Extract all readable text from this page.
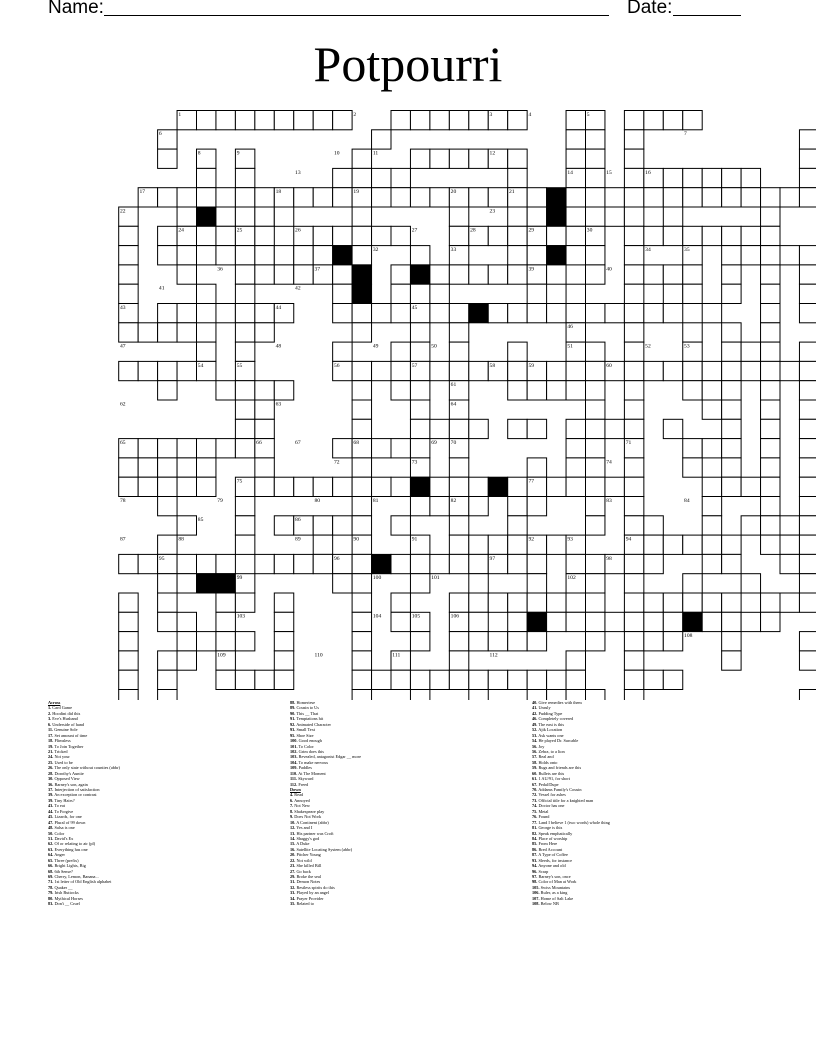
Name:	Date:
Potpourri
1	2	3	4	5
6	7
8	9	10	11	12
13	14	15	16
17	18	19	20	21
22	23
24	25	26	27	28	29	30
31	32	33	34	35
36	37	38	39	40
41	42
43	44	45
46
47	48	49	50	51	52	53
54	55	56	57	58	59	60
61
62	63	64
65	66	67	68	69 70	71
72	73	74
75	76	77
78	79	80	81	82	83	84
85	86
87	88	89	90	91	92	93	94
95	96	97	98
99	100	101	102
103	104	105	106	107
108
109	110	111	112
Across
1. Card Game
2. Hoodini did this
3. Eve's Husband
6. Underside of hand
11. Genuine Sole
17. Set amount of time
18. Flimsless
19. To Join Together
21. Tricked
24. Not your
25. Used to be
26. The only state without counties (abbr)
28. Dorothy's Auntie
30. Opposed View
36. Barney's son, again
37. Interjection of satisfaction
39. An exception or contrast
39. Tiny Hairs?
43. To eat
44. To Forgive
45. Lizards, for one
47. Plural of 99 down
48. Salsa is one
50. Color
51. David's Ex
62. Of or relating to air (pl)
63. Everything has one
64. Anger
65. Three (prefix)
66. Bright Lights, Big
68. 6th Sense?
69. Cherry, Lemon, Banana...
71. 1st letter of Old English alphabet
78. Quaker __
79. Irish Buttocks
80. Mythical Horses
83. Don't __ Cruel
88. Homeriese
89. Cousin to Us
90. This __ That
91. Temptations hit
92. Animated Character
93. Small Text
95. Shoe Size
100. Good enough
101. To Color
102. Grim does this
103. Revealed, antagonist Edgar __ more
104. To make nervous
109. Paddles
110. At The Moment
111. Skyward
112. Freed
Down
4. Read
6. Annoyed
7. Not New
8. Shakespeare play
9. Does Not Work
10. A Continent (abbr)
12. Yes and I
13. His partner was Croft
14. Shaggy's god
15. A Duke
16. Satellite Locating System (abbr)
20. Pitcher Young
22. Not wild
23. She killed Bill
27. Go back
29. Broke the seal
31. Demon Notes
32. Restless spirits do this
33. Played by an angel
34. Prayer Provider
35. Related to
40. Give remedies with them
41. Unruly
42. Pudding Type
46. Completely covered
49. The east is this
52. Ajik Location
53. Ask wants one
54. He played Dr. Sarcable
56. Joy
56. Zebra, to a lion
57. Real and
58. Holds onto
59. Rugs and friends are this
60. Bullets are this
61. 1 AU/91, for short
67. Pedal/Dupe
70. Addams Family's Cousin
72. Vessel for ashes
73. Official title for a knighted man
74. Doctor has one
75. Metal
76. Found
77. Land I believe 1 (two words) whole thing
81. George is this
82. Speak emphatically
84. Place of worship
85. From Here
86. Bred Account
87. A Type of Coffee
93. Sleeds, for instance
94. Anyone and old
96. Scrap
97. Barney's son, once
98. Color of Man at Work
105. Swiss Mountains
106. Ruler, as a king
107. Home of Salt Lake
108. Below NB
